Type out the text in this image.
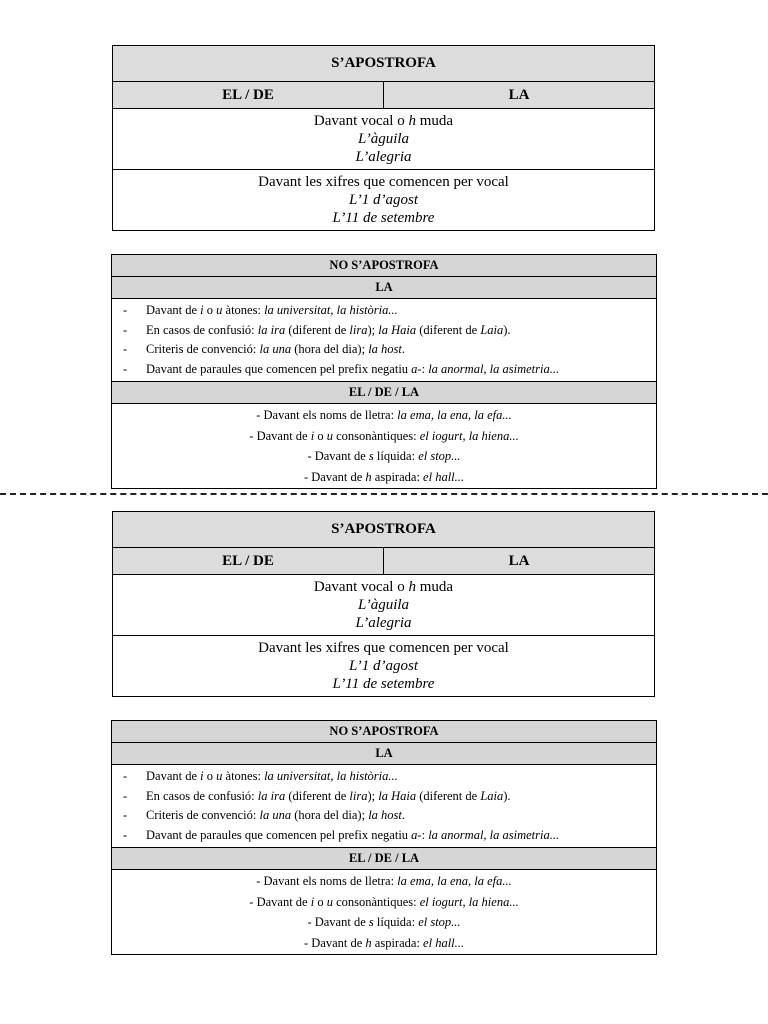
S’APOSTROFA
EL / DE	LA

Davant vocal o h muda
L’àguila
L’alegria

Davant les xifres que comencen per vocal
L’1 d’agost
L’11 de setembre
NO S’APOSTROFA
LA

- Davant de i o u àtones: la universitat, la història...
- En casos de confusió: la ira (diferent de lira); la Haia (diferent de Laia).
- Criteris de convenció: la una (hora del dia); la host.
- Davant de paraules que comencen pel prefix negatiu a-: la anormal, la asimetria...

EL / DE / LA

- Davant els noms de lletra: la ema, la ena, la efa...
- Davant de i o u consonàntiques: el iogurt, la hiena...
- Davant de s líquida: el stop...
- Davant de h aspirada: el hall...
S’APOSTROFA
EL / DE	LA

Davant vocal o h muda
L’àguila
L’alegria

Davant les xifres que comencen per vocal
L’1 d’agost
L’11 de setembre
NO S’APOSTROFA
LA

- Davant de i o u àtones: la universitat, la història...
- En casos de confusió: la ira (diferent de lira); la Haia (diferent de Laia).
- Criteris de convenció: la una (hora del dia); la host.
- Davant de paraules que comencen pel prefix negatiu a-: la anormal, la asimetria...

EL / DE / LA

- Davant els noms de lletra: la ema, la ena, la efa...
- Davant de i o u consonàntiques: el iogurt, la hiena...
- Davant de s líquida: el stop...
- Davant de h aspirada: el hall...
